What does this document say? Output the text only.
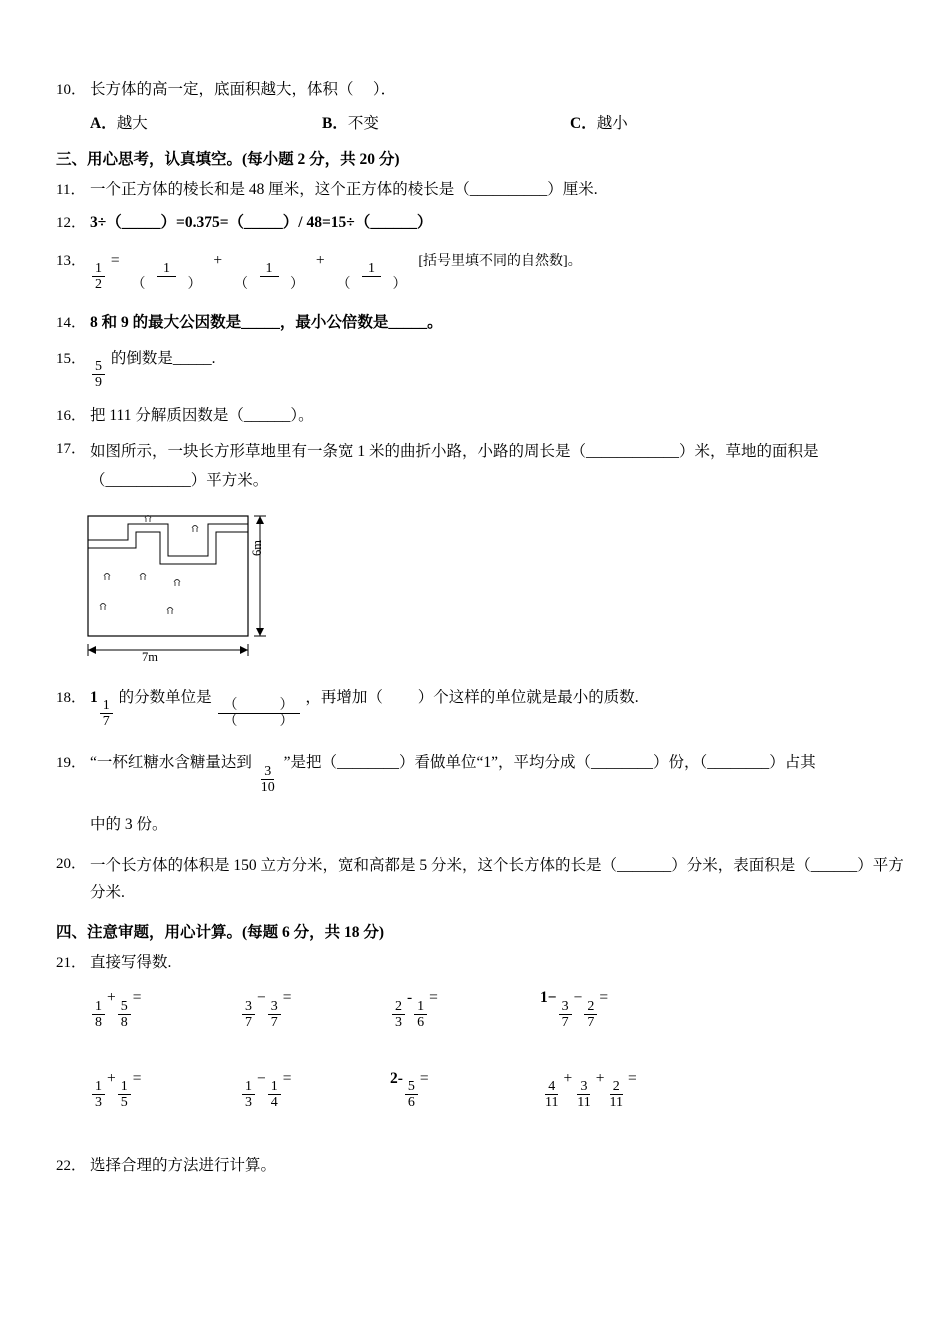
10． 长方体的高一定，底面积越大，体积（　 ）．
A．越大	B．不变	C．越小
三、用心思考，认真填空。(每小题 2 分，共 20 分)
11． 一个正方体的棱长和是 48 厘米，这个正方体的棱长是（__________）厘米.
12． 3÷（_____）=0.375=（_____）/ 48=15÷（______）
13．
$\frac{1}{2}$
=
$\frac{1}{( )}$
+
$\frac{1}{( )}$
+
$\frac{1}{( )}$ [括号里填不同的自然数]。
14． 8 和 9 的最大公因数是_____，最小公倍数是_____。
15．
$\frac{5}{9}$
的倒数是_____.
16． 把 111 分解质因数是（______）。
17． 如图所示，一块长方形草地里有一条宽 1 米的曲折小路，小路的周长是（____________）米，草地的面积是（___________）平方米。
6m
7m
18． 1
$\frac{1}{7}$
的分数单位是
$\frac{( )}{( )}$
，再增加（　　 ）个这样的单位就是最小的质数.
19． “一杯红糖水含糖量达到
$\frac{3}{10}$
”是把（________）看做单位“1”，平均分成（________）份，（________）占其
中的 3 份。
20． 一个长方体的体积是 150 立方分米，宽和高都是 5 分米，这个长方体的长是（_______）分米，表面积是（______）平方分米.
四、注意审题，用心计算。(每题 6 分，共 18 分)
21． 直接写得数.
$\frac{1}{8}$
+
$\frac{5}{8}$
=
$\frac{3}{7}$
−
$\frac{3}{7}$
=
$\frac{2}{3}$
-
$\frac{1}{6}$
=	1−
$\frac{3}{7}$
−
$\frac{2}{7}$
=
$\frac{1}{3}$
+
$\frac{1}{5}$
=
$\frac{1}{3}$
−
$\frac{1}{4}$
=	2-
$\frac{5}{6}$
=
$\frac{4}{11}$
+
$\frac{3}{11}$
+
$\frac{2}{11}$
=
22． 选择合理的方法进行计算。
